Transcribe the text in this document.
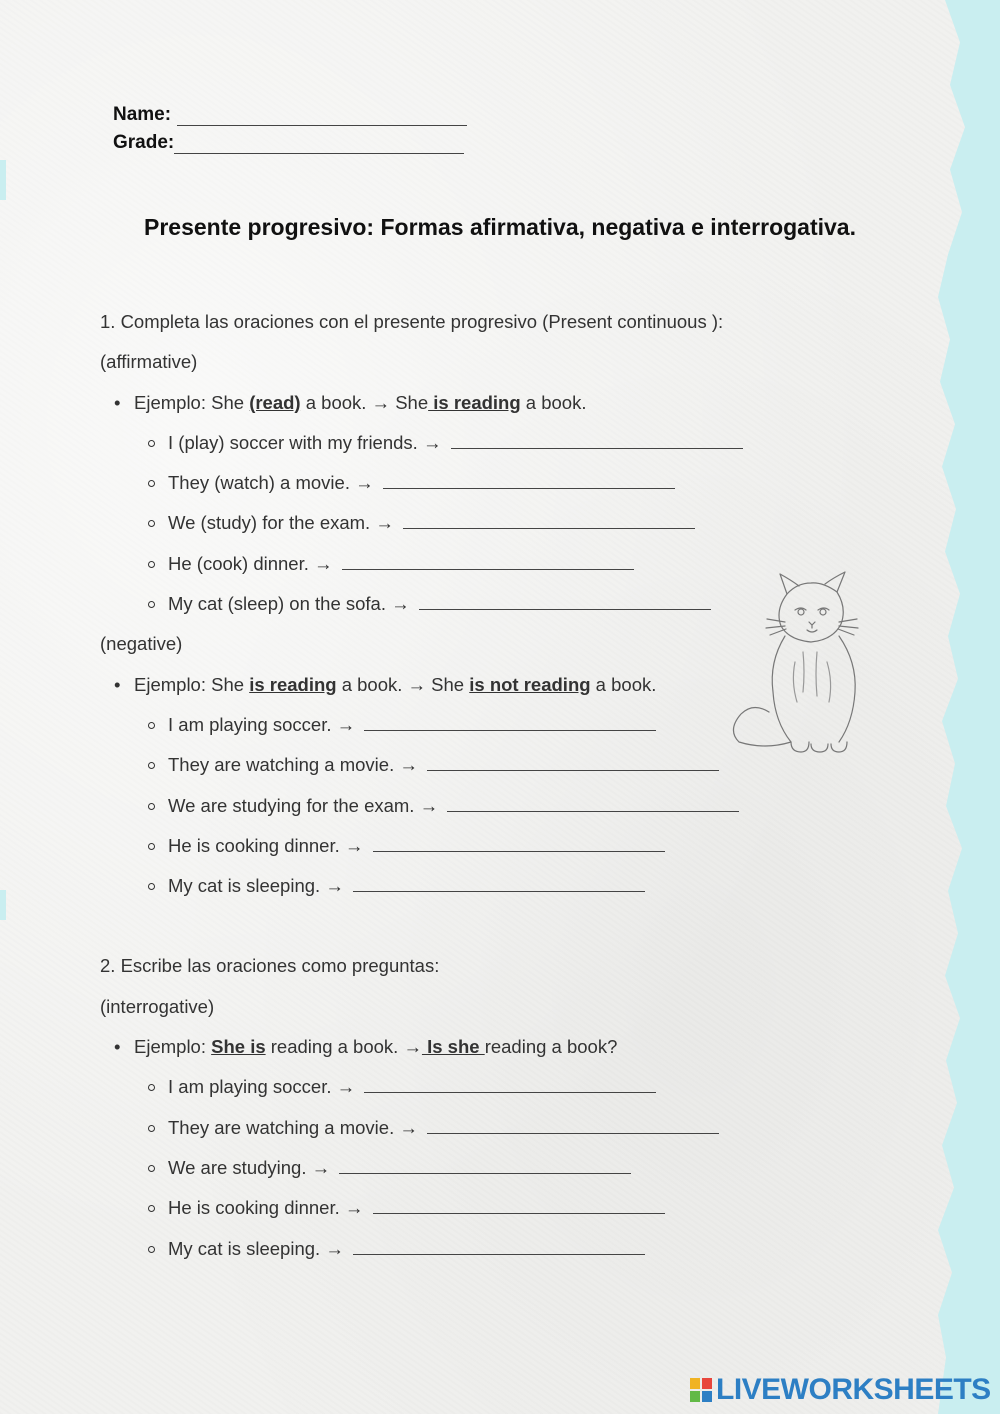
Name:
Grade:
Presente progresivo: Formas afirmativa, negativa e interrogativa.

1. Completa las oraciones con el presente progresivo (Present continuous ):

(affirmative)

• Ejemplo: She (read) a book. → She is reading a book.
I (play) soccer with my friends. →
They (watch) a movie. →
We (study) for the exam. →
He (cook) dinner. →
My cat (sleep) on the sofa. →

(negative)

• Ejemplo: She is reading a book. → She is not reading a book.
I am playing soccer. →
They are watching a movie. →
We are studying for the exam. →
He is cooking dinner. →
My cat is sleeping. →

2. Escribe las oraciones como preguntas:

(interrogative)

• Ejemplo: She is reading a book. → Is she reading a book?
I am playing soccer. →
They are watching a movie. →
We are studying. →
He is cooking dinner. →
My cat is sleeping. →
LIVEWORKSHEETS
